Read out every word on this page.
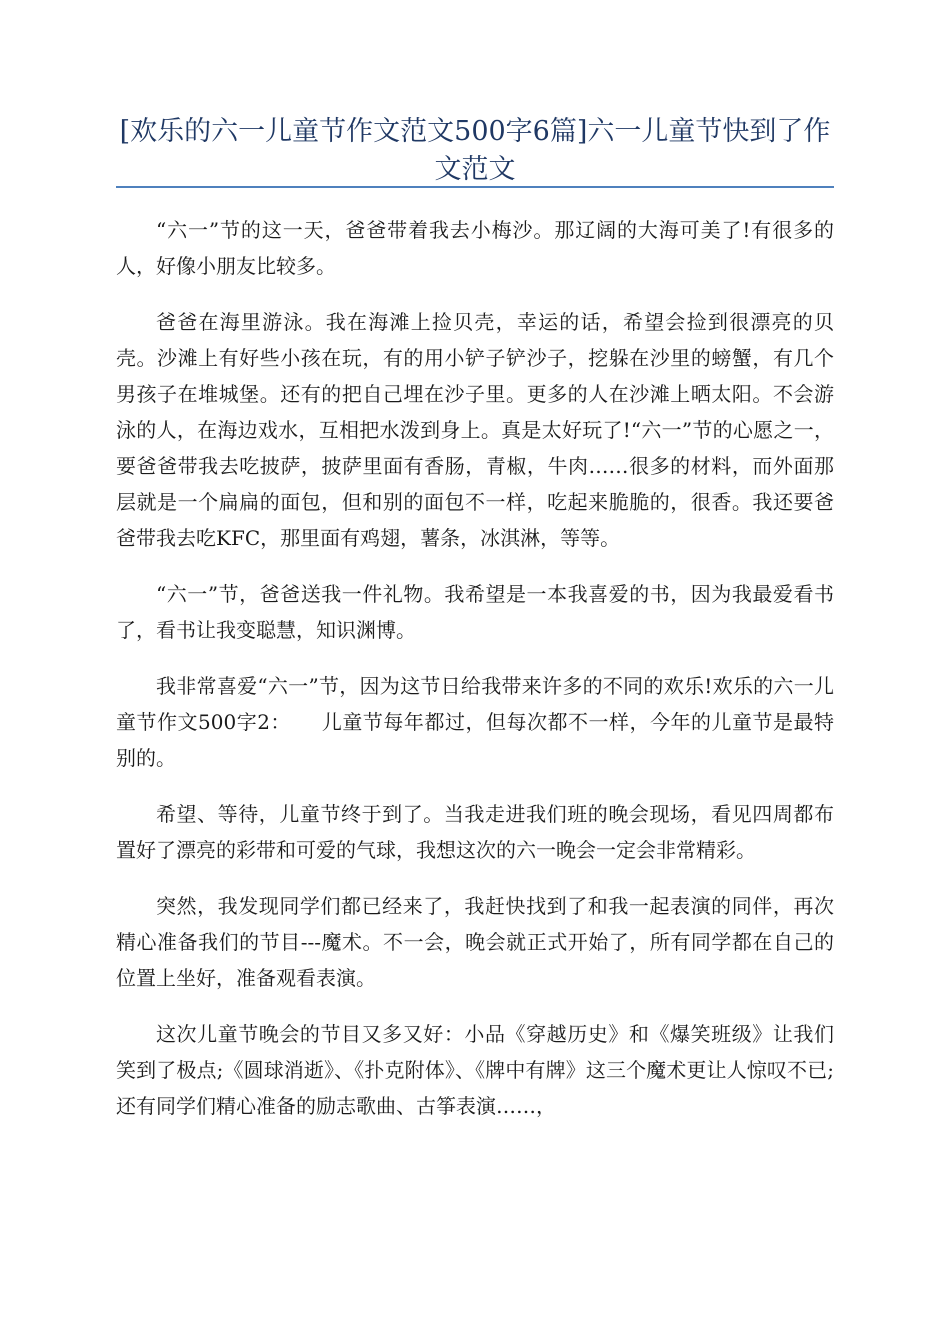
[欢乐的六一儿童节作文范文500字6篇]六一儿童节快到了作文范文

“六一”节的这一天，爸爸带着我去小梅沙。那辽阔的大海可美了!有很多的人，好像小朋友比较多。

爸爸在海里游泳。我在海滩上捡贝壳，幸运的话，希望会捡到很漂亮的贝壳。沙滩上有好些小孩在玩，有的用小铲子铲沙子，挖躲在沙里的螃蟹，有几个男孩子在堆城堡。还有的把自己埋在沙子里。更多的人在沙滩上晒太阳。不会游泳的人，在海边戏水，互相把水泼到身上。真是太好玩了!“六一”节的心愿之一，要爸爸带我去吃披萨，披萨里面有香肠，青椒，牛肉……很多的材料，而外面那层就是一个扁扁的面包，但和别的面包不一样，吃起来脆脆的，很香。我还要爸爸带我去吃KFC，那里面有鸡翅，薯条，冰淇淋，等等。

“六一”节，爸爸送我一件礼物。我希望是一本我喜爱的书，因为我最爱看书了，看书让我变聪慧，知识渊博。

我非常喜爱“六一”节，因为这节日给我带来许多的不同的欢乐!欢乐的六一儿童节作文500字2：　　儿童节每年都过，但每次都不一样，今年的儿童节是最特别的。

希望、等待，儿童节终于到了。当我走进我们班的晚会现场，看见四周都布置好了漂亮的彩带和可爱的气球，我想这次的六一晚会一定会非常精彩。

突然，我发现同学们都已经来了，我赶快找到了和我一起表演的同伴，再次精心准备我们的节目---魔术。不一会，晚会就正式开始了，所有同学都在自己的位置上坐好，准备观看表演。

这次儿童节晚会的节目又多又好：小品《穿越历史》和《爆笑班级》让我们笑到了极点;《圆球消逝》、《扑克附体》、《牌中有牌》这三个魔术更让人惊叹不已;还有同学们精心准备的励志歌曲、古筝表演……，
